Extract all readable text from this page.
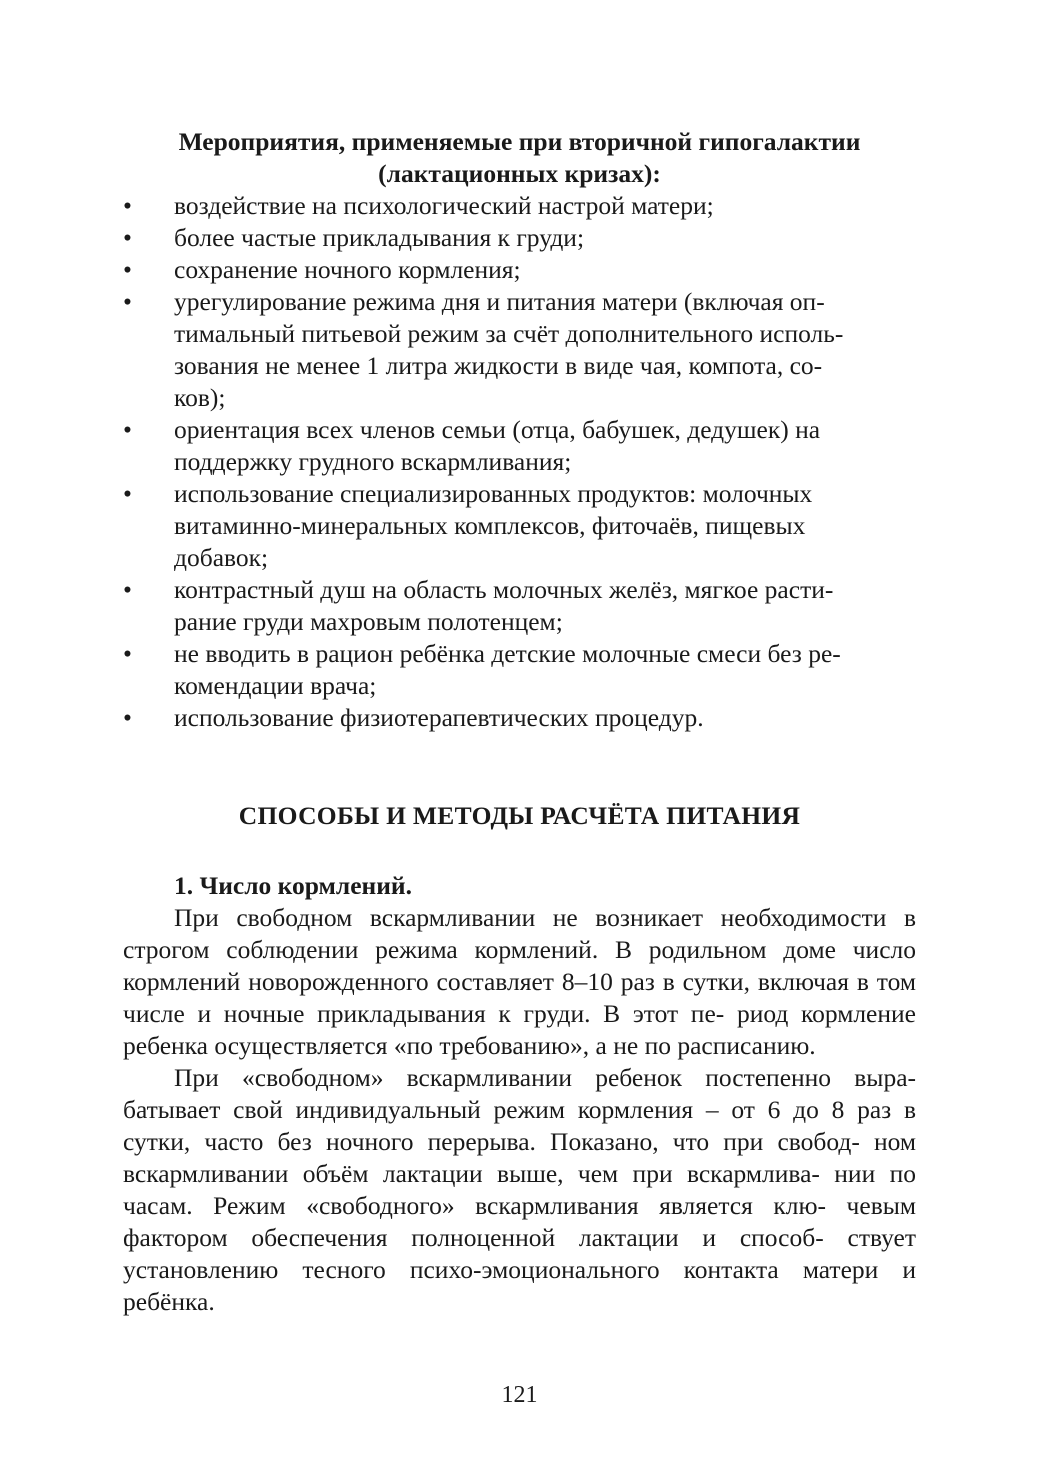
Мероприятия, применяемые при вторичной гипогалактии
(лактационных кризах):
•	воздействие на психологический настрой матери;
•	более частые прикладывания к груди;
•	сохранение ночного кормления;
•	урегулирование режима дня и питания матери (включая оп-
тимальный питьевой режим за счёт дополнительного исполь-
зования не менее 1 литра жидкости в виде чая, компота, со-
ков);
•	ориентация всех членов семьи (отца, бабушек, дедушек) на
поддержку грудного вскармливания;
•	использование специализированных продуктов: молочных
витаминно-минеральных комплексов, фиточаёв, пищевых
добавок;
•	контрастный душ на область молочных желёз, мягкое расти-
рание груди махровым полотенцем;
•	не вводить в рацион ребёнка детские молочные смеси без ре-
комендации врача;
•	использование физиотерапевтических процедур.
СПОСОБЫ И МЕТОДЫ РАСЧЁТА ПИТАНИЯ
1. Число кормлений.

При свободном вскармливании не возникает необходимости в строгом соблюдении режима кормлений. В родильном доме число кормлений новорожденного составляет 8–10 раз в сутки, включая в том числе и ночные прикладывания к груди. В этот пе- риод кормление ребенка осуществляется «по требованию», а не по расписанию.

При «свободном» вскармливании ребенок постепенно выра- батывает свой индивидуальный режим кормления – от 6 до 8 раз в сутки, часто без ночного перерыва. Показано, что при свобод- ном вскармливании объём лактации выше, чем при вскармлива- нии по часам. Режим «свободного» вскармливания является клю- чевым фактором обеспечения полноценной лактации и способ- ствует установлению тесного психо-эмоционального контакта матери и ребёнка.

121
